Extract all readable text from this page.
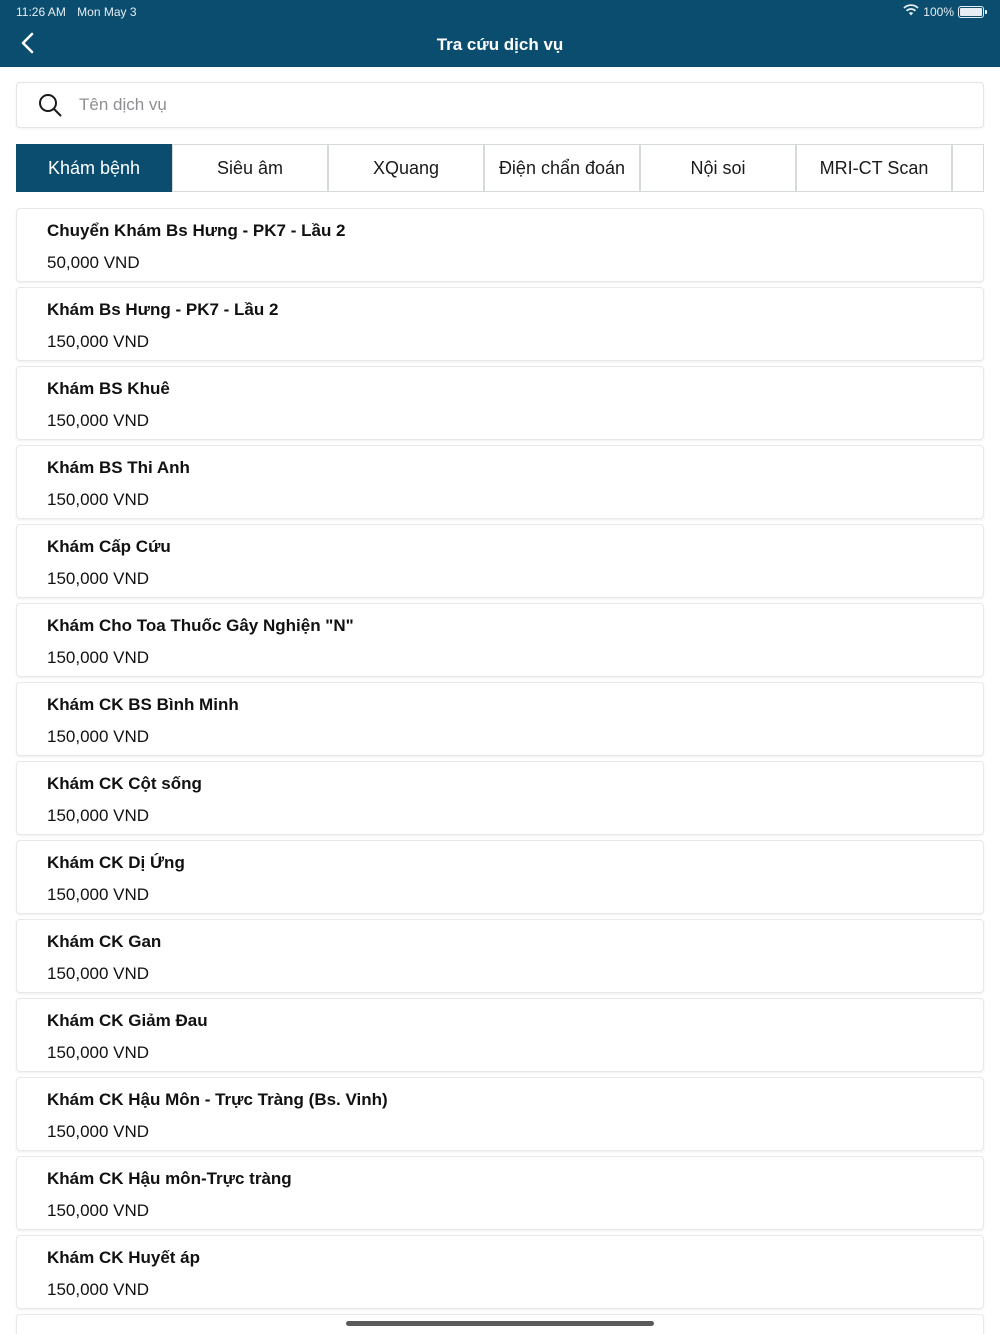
11:26 AM Mon May 3	100%
Tra cứu dịch vụ
Tên dịch vụ
Khám bệnh	Siêu âm	XQuang	Điện chẩn đoán	Nội soi	MRI-CT Scan
Chuyển Khám Bs Hưng - PK7 - Lầu 2
50,000 VND
Khám Bs Hưng - PK7 - Lầu 2
150,000 VND
Khám BS Khuê
150,000 VND
Khám BS Thi Anh
150,000 VND
Khám Cấp Cứu
150,000 VND
Khám Cho Toa Thuốc Gây Nghiện "N"
150,000 VND
Khám CK BS Bình Minh
150,000 VND
Khám CK Cột sống
150,000 VND
Khám CK Dị Ứng
150,000 VND
Khám CK Gan
150,000 VND
Khám CK Giảm Đau
150,000 VND
Khám CK Hậu Môn - Trực Tràng (Bs. Vinh)
150,000 VND
Khám CK Hậu môn-Trực tràng
150,000 VND
Khám CK Huyết áp
150,000 VND
